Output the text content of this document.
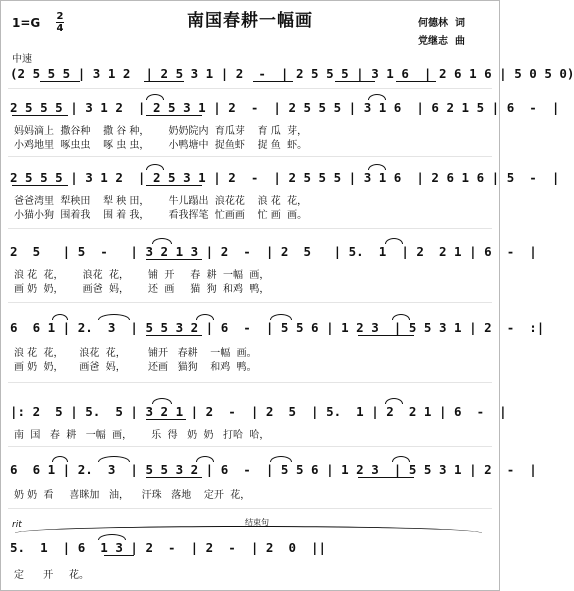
南国春耕一幅画
1=G 2
4	何德林  词
党继志  曲
中速
(2 5 5 5 | 3 1 2  | 2 5 3 1 | 2  -  | 2 5 5 5 | 3 1 6  | 2 6 1 6 | 5 0 5 0)
2 5 5 5 | 3 1 2  | 2 5 3 1 | 2  -  | 2 5 5 5 | 3 1 6  | 6 2 1 5 | 6  -  |
妈妈滴上  撒谷种    撒 谷 种，      奶奶院内  育瓜芽    育 瓜  芽，
小鸡地里  啄虫虫    啄 虫 虫，      小鸭塘中  捉鱼虾    捉 鱼  虾。
2 5 5 5 | 3 1 2  | 2 5 3 1 | 2  -  | 2 5 5 5 | 3 1 6  | 2 6 1 6 | 5  -  |
爸爸湾里  犁秧田    犁 秧 田，      牛儿蹋出  浪花花    浪 花  花，
小猫小狗  围着我    围 着 我，      看我挥笔  忙画画    忙 画  画。
2  5   | 5  -   | 3 2 1 3 | 2  -  | 2  5   | 5.  1  | 2  2 1 | 6  -  |
浪 花  花，      浪花  花，      铺  开     春  耕  一幅  画，
画 奶  奶，      画爸  妈，      还  画     猫  狗  和鸡  鸭，
6  6 1 | 2.  3  | 5 5 3 2 | 6  -  | 5 5 6 | 1 2 3  | 5 5 3 1 | 2  -  :|
浪 花  花，     浪花  花，       铺开   春耕    一幅  画。
画 奶  奶，     画爸  妈，       还画   猫狗    和鸡  鸭。
|: 2  5 | 5.  5 | 3 2 1 | 2  -  | 2  5  | 5.  1 | 2  2 1 | 6  -  |
南  国   春  耕   一幅  画，      乐  得   奶  奶   打哈  哈，
6  6 1 | 2.  3  | 5 5 3 2 | 6  -  | 5 5 6 | 1 2 3  | 5 5 3 1 | 2  -  |
奶 奶  看     喜眯加   油，    汗珠   落地    定开  花，
rit	结束句
5.  1  | 6  1 3 | 2  -  | 2  -  | 2  0  ||
定      开     花。
